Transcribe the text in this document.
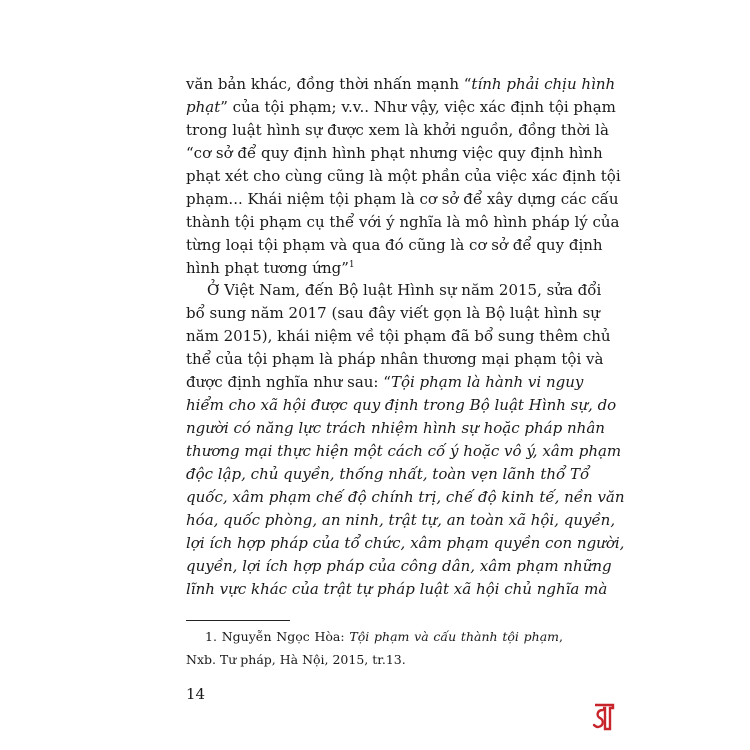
văn bản khác, đồng thời nhấn mạnh “tính phải chịu hình
phạt” của tội phạm; v.v.. Như vậy, việc xác định tội phạm
trong luật hình sự được xem là khởi nguồn, đồng thời là
“cơ sở để quy định hình phạt nhưng việc quy định hình
phạt xét cho cùng cũng là một phần của việc xác định tội
phạm... Khái niệm tội phạm là cơ sở để xây dựng các cấu
thành tội phạm cụ thể với ý nghĩa là mô hình pháp lý của
từng loại tội phạm và qua đó cũng là cơ sở để quy định
hình phạt tương ứng”$^1$
Ở Việt Nam, đến Bộ luật Hình sự năm 2015, sửa đổi
bổ sung năm 2017 (sau đây viết gọn là Bộ luật hình sự
năm 2015), khái niệm về tội phạm đã bổ sung thêm chủ
thể của tội phạm là pháp nhân thương mại phạm tội và
được định nghĩa như sau: “Tội phạm là hành vi nguy
hiểm cho xã hội được quy định trong Bộ luật Hình sự, do
người có năng lực trách nhiệm hình sự hoặc pháp nhân
thương mại thực hiện một cách cố ý hoặc vô ý, xâm phạm
độc lập, chủ quyền, thống nhất, toàn vẹn lãnh thổ Tổ
quốc, xâm phạm chế độ chính trị, chế độ kinh tế, nền văn
hóa, quốc phòng, an ninh, trật tự, an toàn xã hội, quyền,
lợi ích hợp pháp của tổ chức, xâm phạm quyền con người,
quyền, lợi ích hợp pháp của công dân, xâm phạm những
lĩnh vực khác của trật tự pháp luật xã hội chủ nghĩa mà
1. Nguyễn Ngọc Hòa: Tội phạm và cấu thành tội phạm,
Nxb. Tư pháp, Hà Nội, 2015, tr.13.
14
